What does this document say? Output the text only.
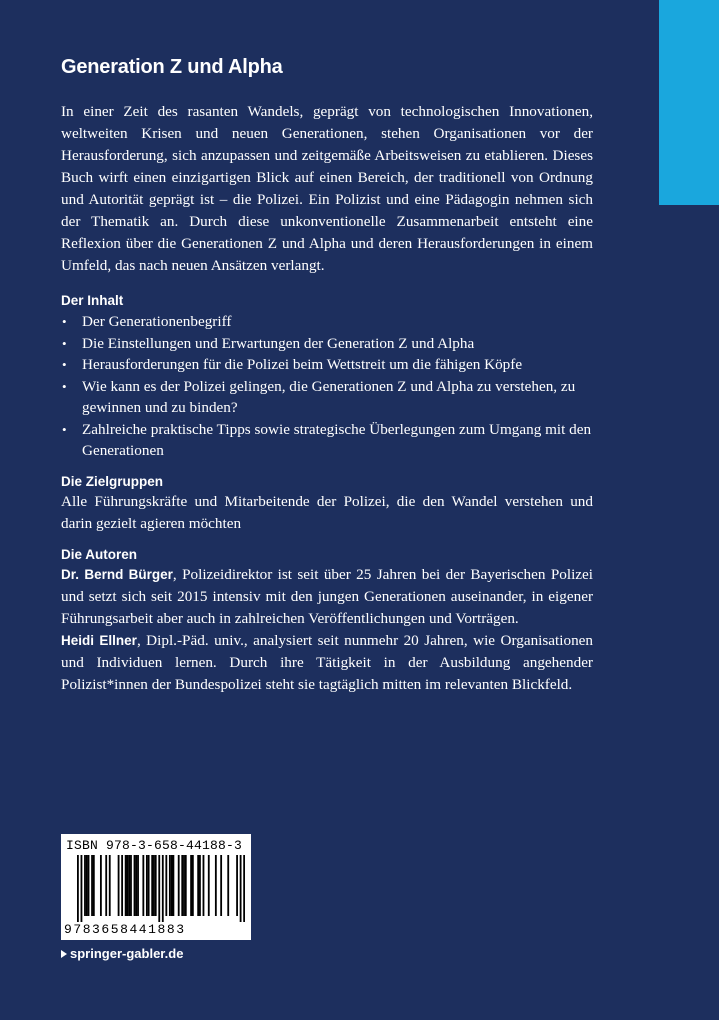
Generation Z und Alpha

In einer Zeit des rasanten Wandels, geprägt von technologischen Innovationen, weltweiten Krisen und neuen Generationen, stehen Organisationen vor der Herausforderung, sich anzupassen und zeitgemäße Arbeitsweisen zu etablieren. Dieses Buch wirft einen einzigartigen Blick auf einen Bereich, der traditionell von Ordnung und Autorität geprägt ist – die Polizei. Ein Polizist und eine Pädagogin nehmen sich der Thematik an. Durch diese unkonventionelle Zusammenarbeit entsteht eine Reflexion über die Generationen Z und Alpha und deren Herausforderungen in einem Umfeld, das nach neuen Ansätzen verlangt.

Der Inhalt
• Der Generationenbegriff
• Die Einstellungen und Erwartungen der Generation Z und Alpha
• Herausforderungen für die Polizei beim Wettstreit um die fähigen Köpfe
• Wie kann es der Polizei gelingen, die Generationen Z und Alpha zu verstehen, zu gewinnen und zu binden?
• Zahlreiche praktische Tipps sowie strategische Überlegungen zum Umgang mit den Generationen
Die Zielgruppen

Alle Führungskräfte und Mitarbeitende der Polizei, die den Wandel verstehen und darin gezielt agieren möchten

Die Autoren

Dr. Bernd Bürger, Polizeidirektor ist seit über 25 Jahren bei der Bayerischen Polizei und setzt sich seit 2015 intensiv mit den jungen Generationen auseinander, in eigener Führungsarbeit aber auch in zahlreichen Veröffentlichungen und Vorträgen.

Heidi Ellner, Dipl.-Päd. univ., analysiert seit nunmehr 20 Jahren, wie Organisationen und Individuen lernen. Durch ihre Tätigkeit in der Ausbildung angehender Polizist*innen der Bundespolizei steht sie tagtäglich mitten im relevanten Blickfeld.

ISBN 978-3-658-44188-3
9783658441883
springer-gabler.de
